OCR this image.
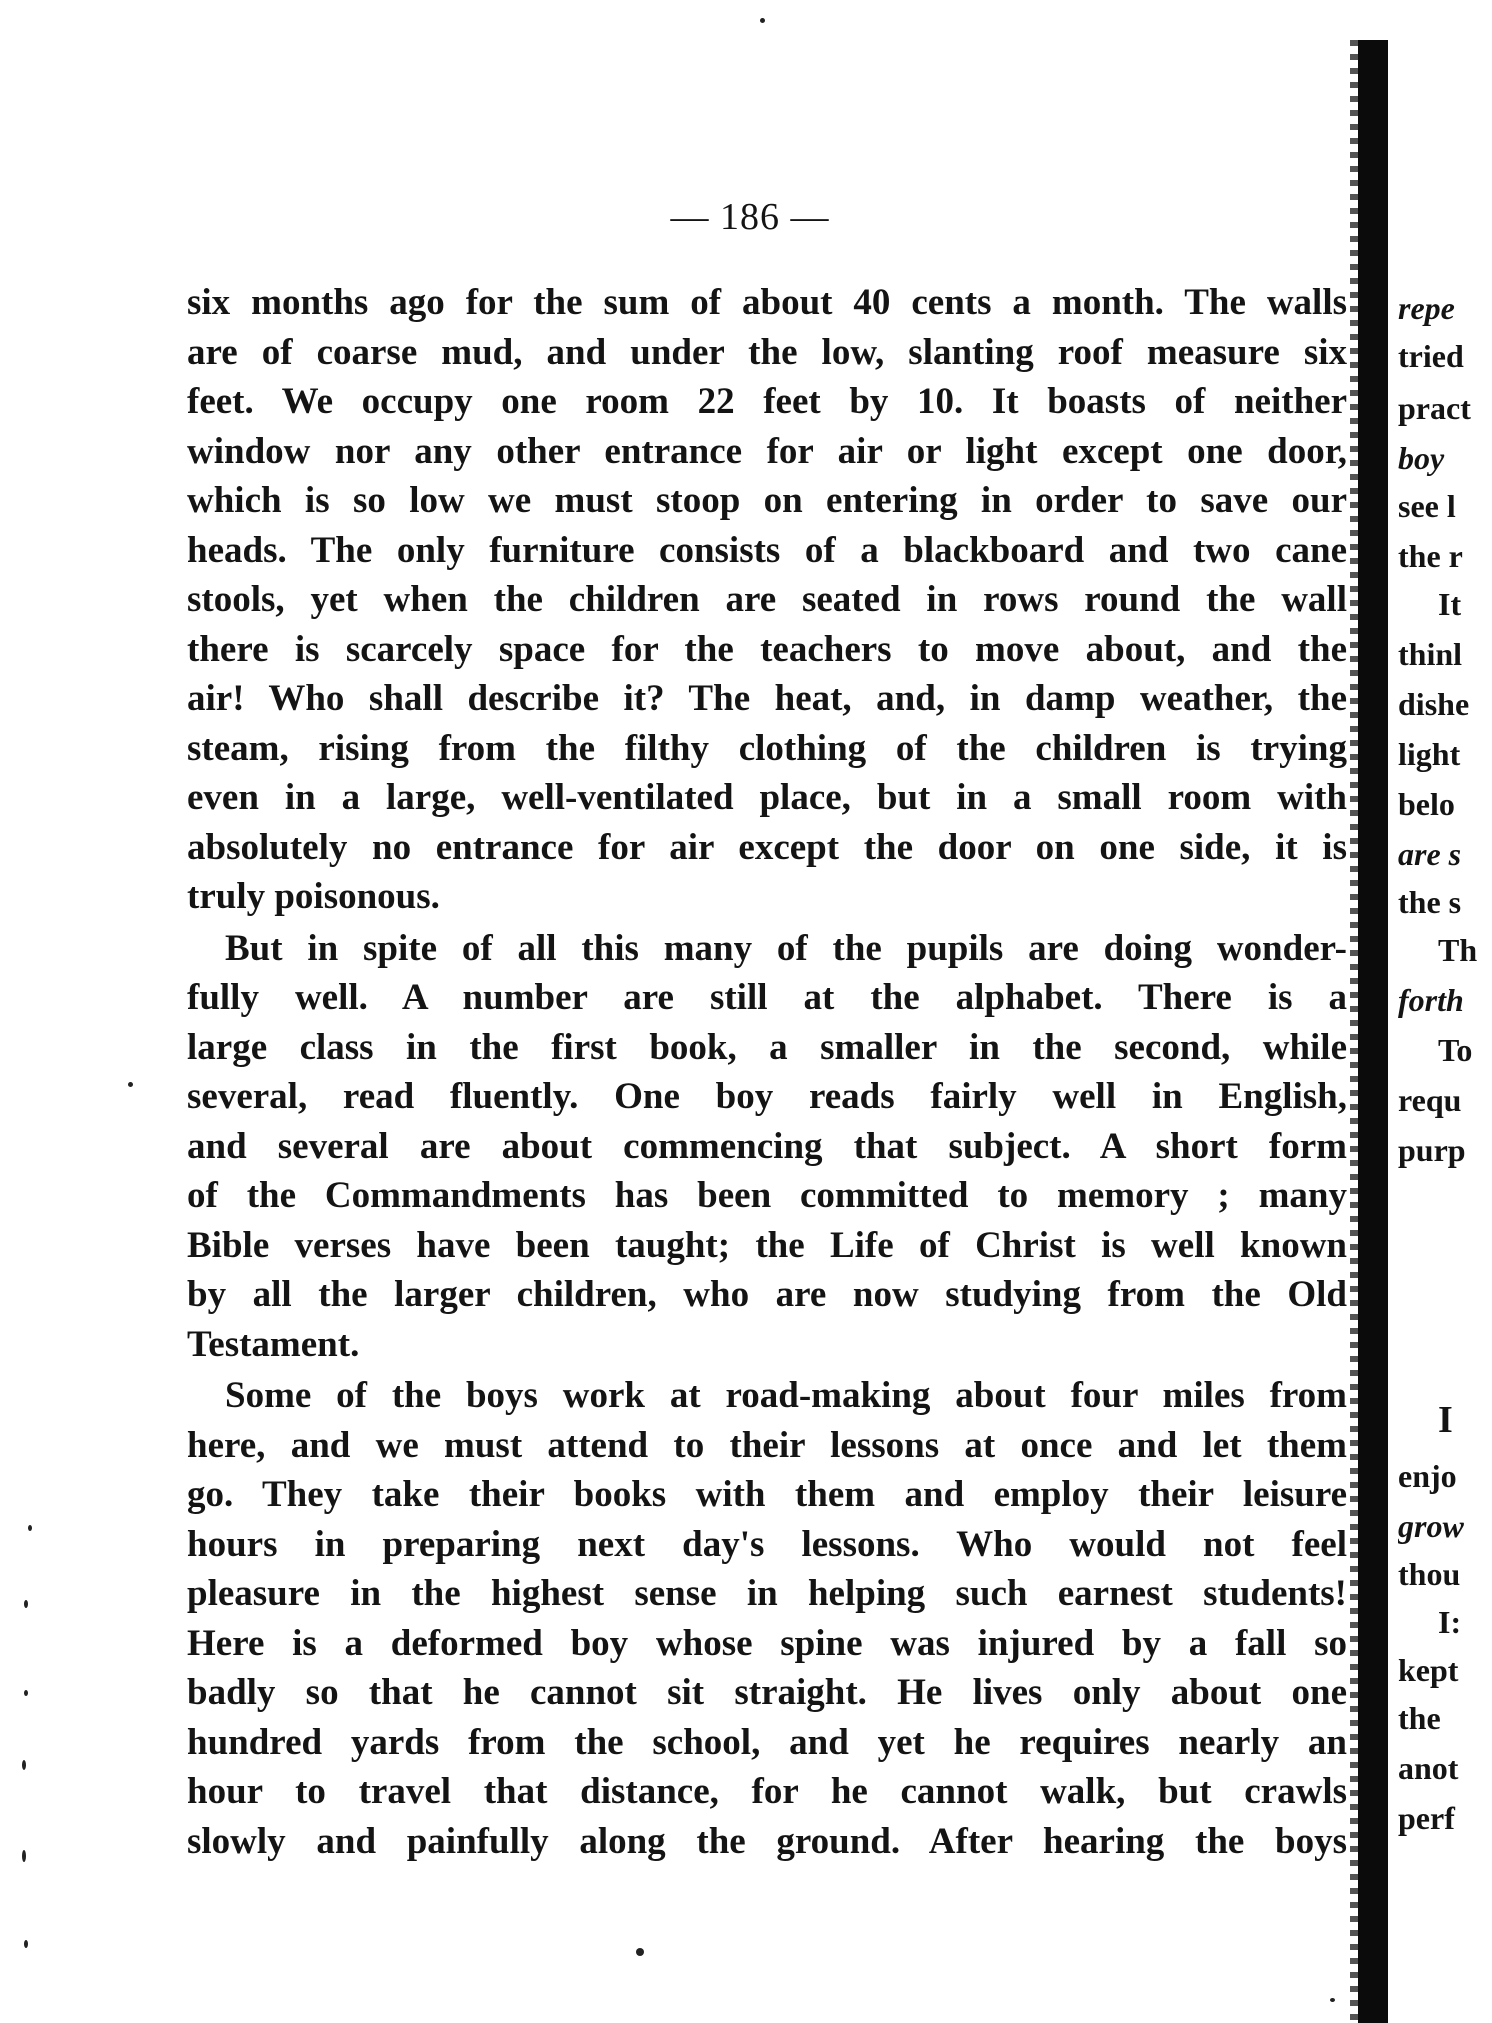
— 186 —
six months ago for the sum of about 40 cents a month. The walls
are of coarse mud, and under the low, slanting roof measure six
feet. We occupy one room 22 feet by 10. It boasts of neither
window nor any other entrance for air or light except one door,
which is so low we must stoop on entering in order to save our
heads. The only furniture consists of a blackboard and two cane
stools, yet when the children are seated in rows round the wall
there is scarcely space for the teachers to move about, and the
air! Who shall describe it? The heat, and, in damp weather, the
steam, rising from the filthy clothing of the children is trying
even in a large, well-ventilated place, but in a small room with
absolutely no entrance for air except the door on one side, it is
truly poisonous.
But in spite of all this many of the pupils are doing wonder-
fully well. A number are still at the alphabet. There is a
large class in the first book, a smaller in the second, while
several, read fluently. One boy reads fairly well in English,
and several are about commencing that subject. A short form
of the Commandments has been committed to memory ; many
Bible verses have been taught; the Life of Christ is well known
by all the larger children, who are now studying from the Old
Testament.
Some of the boys work at road-making about four miles from
here, and we must attend to their lessons at once and let them
go. They take their books with them and employ their leisure
hours in preparing next day's lessons. Who would not feel
pleasure in the highest sense in helping such earnest students!
Here is a deformed boy whose spine was injured by a fall so
badly so that he cannot sit straight. He lives only about one
hundred yards from the school, and yet he requires nearly an
hour to travel that distance, for he cannot walk, but crawls
slowly and painfully along the ground. After hearing the boys
repe
tried
pract
boy
see l
the r
It
thinl
dishe
light
belo
are s
the s
Th
forth
To
requ
purp
I
enjo
grow
thou
I:
kept
the
anot
perf
